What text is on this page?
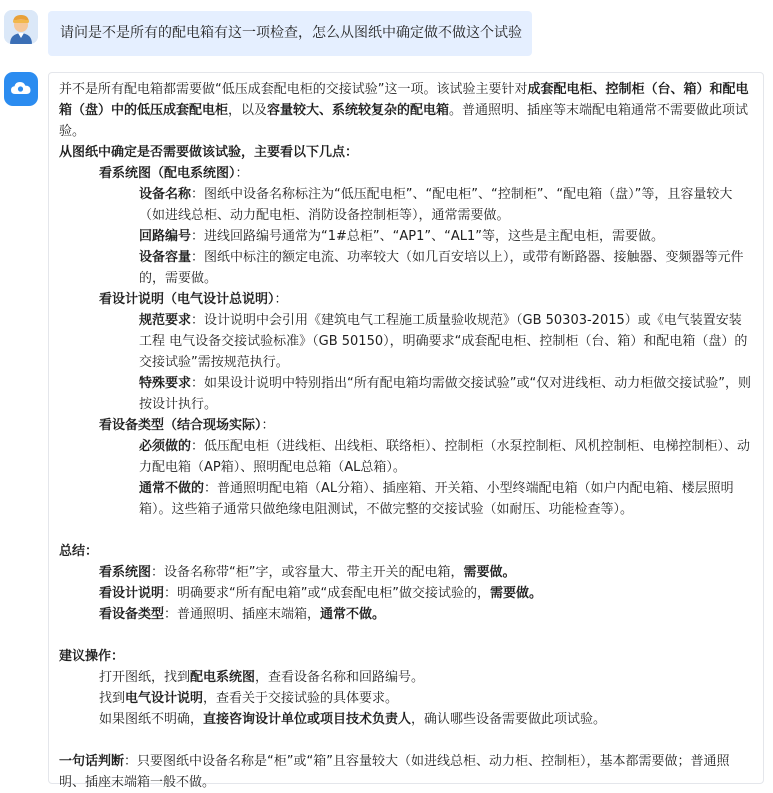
请问是不是所有的配电箱有这一项检查，怎么从图纸中确定做不做这个试验

并不是所有配电箱都需要做“低压成套配电柜的交接试验”这一项。该试验主要针对成套配电柜、控制柜（台、箱）和配电箱（盘）中的低压成套配电柜，以及容量较大、系统较复杂的配电箱。普通照明、插座等末端配电箱通常不需要做此项试验。

从图纸中确定是否需要做该试验，主要看以下几点：

看系统图（配电系统图）：

设备名称：图纸中设备名称标注为“低压配电柜”、“配电柜”、“控制柜”、“配电箱（盘）”等，且容量较大（如进线总柜、动力配电柜、消防设备控制柜等），通常需要做。

回路编号：进线回路编号通常为“1#总柜”、“AP1”、“AL1”等，这些是主配电柜，需要做。

设备容量：图纸中标注的额定电流、功率较大（如几百安培以上），或带有断路器、接触器、变频器等元件的，需要做。

看设计说明（电气设计总说明）：

规范要求：设计说明中会引用《建筑电气工程施工质量验收规范》（GB 50303-2015）或《电气装置安装工程 电气设备交接试验标准》（GB 50150），明确要求“成套配电柜、控制柜（台、箱）和配电箱（盘）的交接试验”需按规范执行。

特殊要求：如果设计说明中特别指出“所有配电箱均需做交接试验”或“仅对进线柜、动力柜做交接试验”，则按设计执行。

看设备类型（结合现场实际）：

必须做的：低压配电柜（进线柜、出线柜、联络柜）、控制柜（水泵控制柜、风机控制柜、电梯控制柜）、动力配电箱（AP箱）、照明配电总箱（AL总箱）。

通常不做的：普通照明配电箱（AL分箱）、插座箱、开关箱、小型终端配电箱（如户内配电箱、楼层照明箱）。这些箱子通常只做绝缘电阻测试，不做完整的交接试验（如耐压、功能检查等）。

总结：

看系统图：设备名称带“柜”字，或容量大、带主开关的配电箱，需要做。

看设计说明：明确要求“所有配电箱”或“成套配电柜”做交接试验的，需要做。

看设备类型：普通照明、插座末端箱，通常不做。

建议操作：

打开图纸，找到配电系统图，查看设备名称和回路编号。

找到电气设计说明，查看关于交接试验的具体要求。

如果图纸不明确，直接咨询设计单位或项目技术负责人，确认哪些设备需要做此项试验。

一句话判断：只要图纸中设备名称是“柜”或“箱”且容量较大（如进线总柜、动力柜、控制柜），基本都需要做；普通照明、插座末端箱一般不做。
